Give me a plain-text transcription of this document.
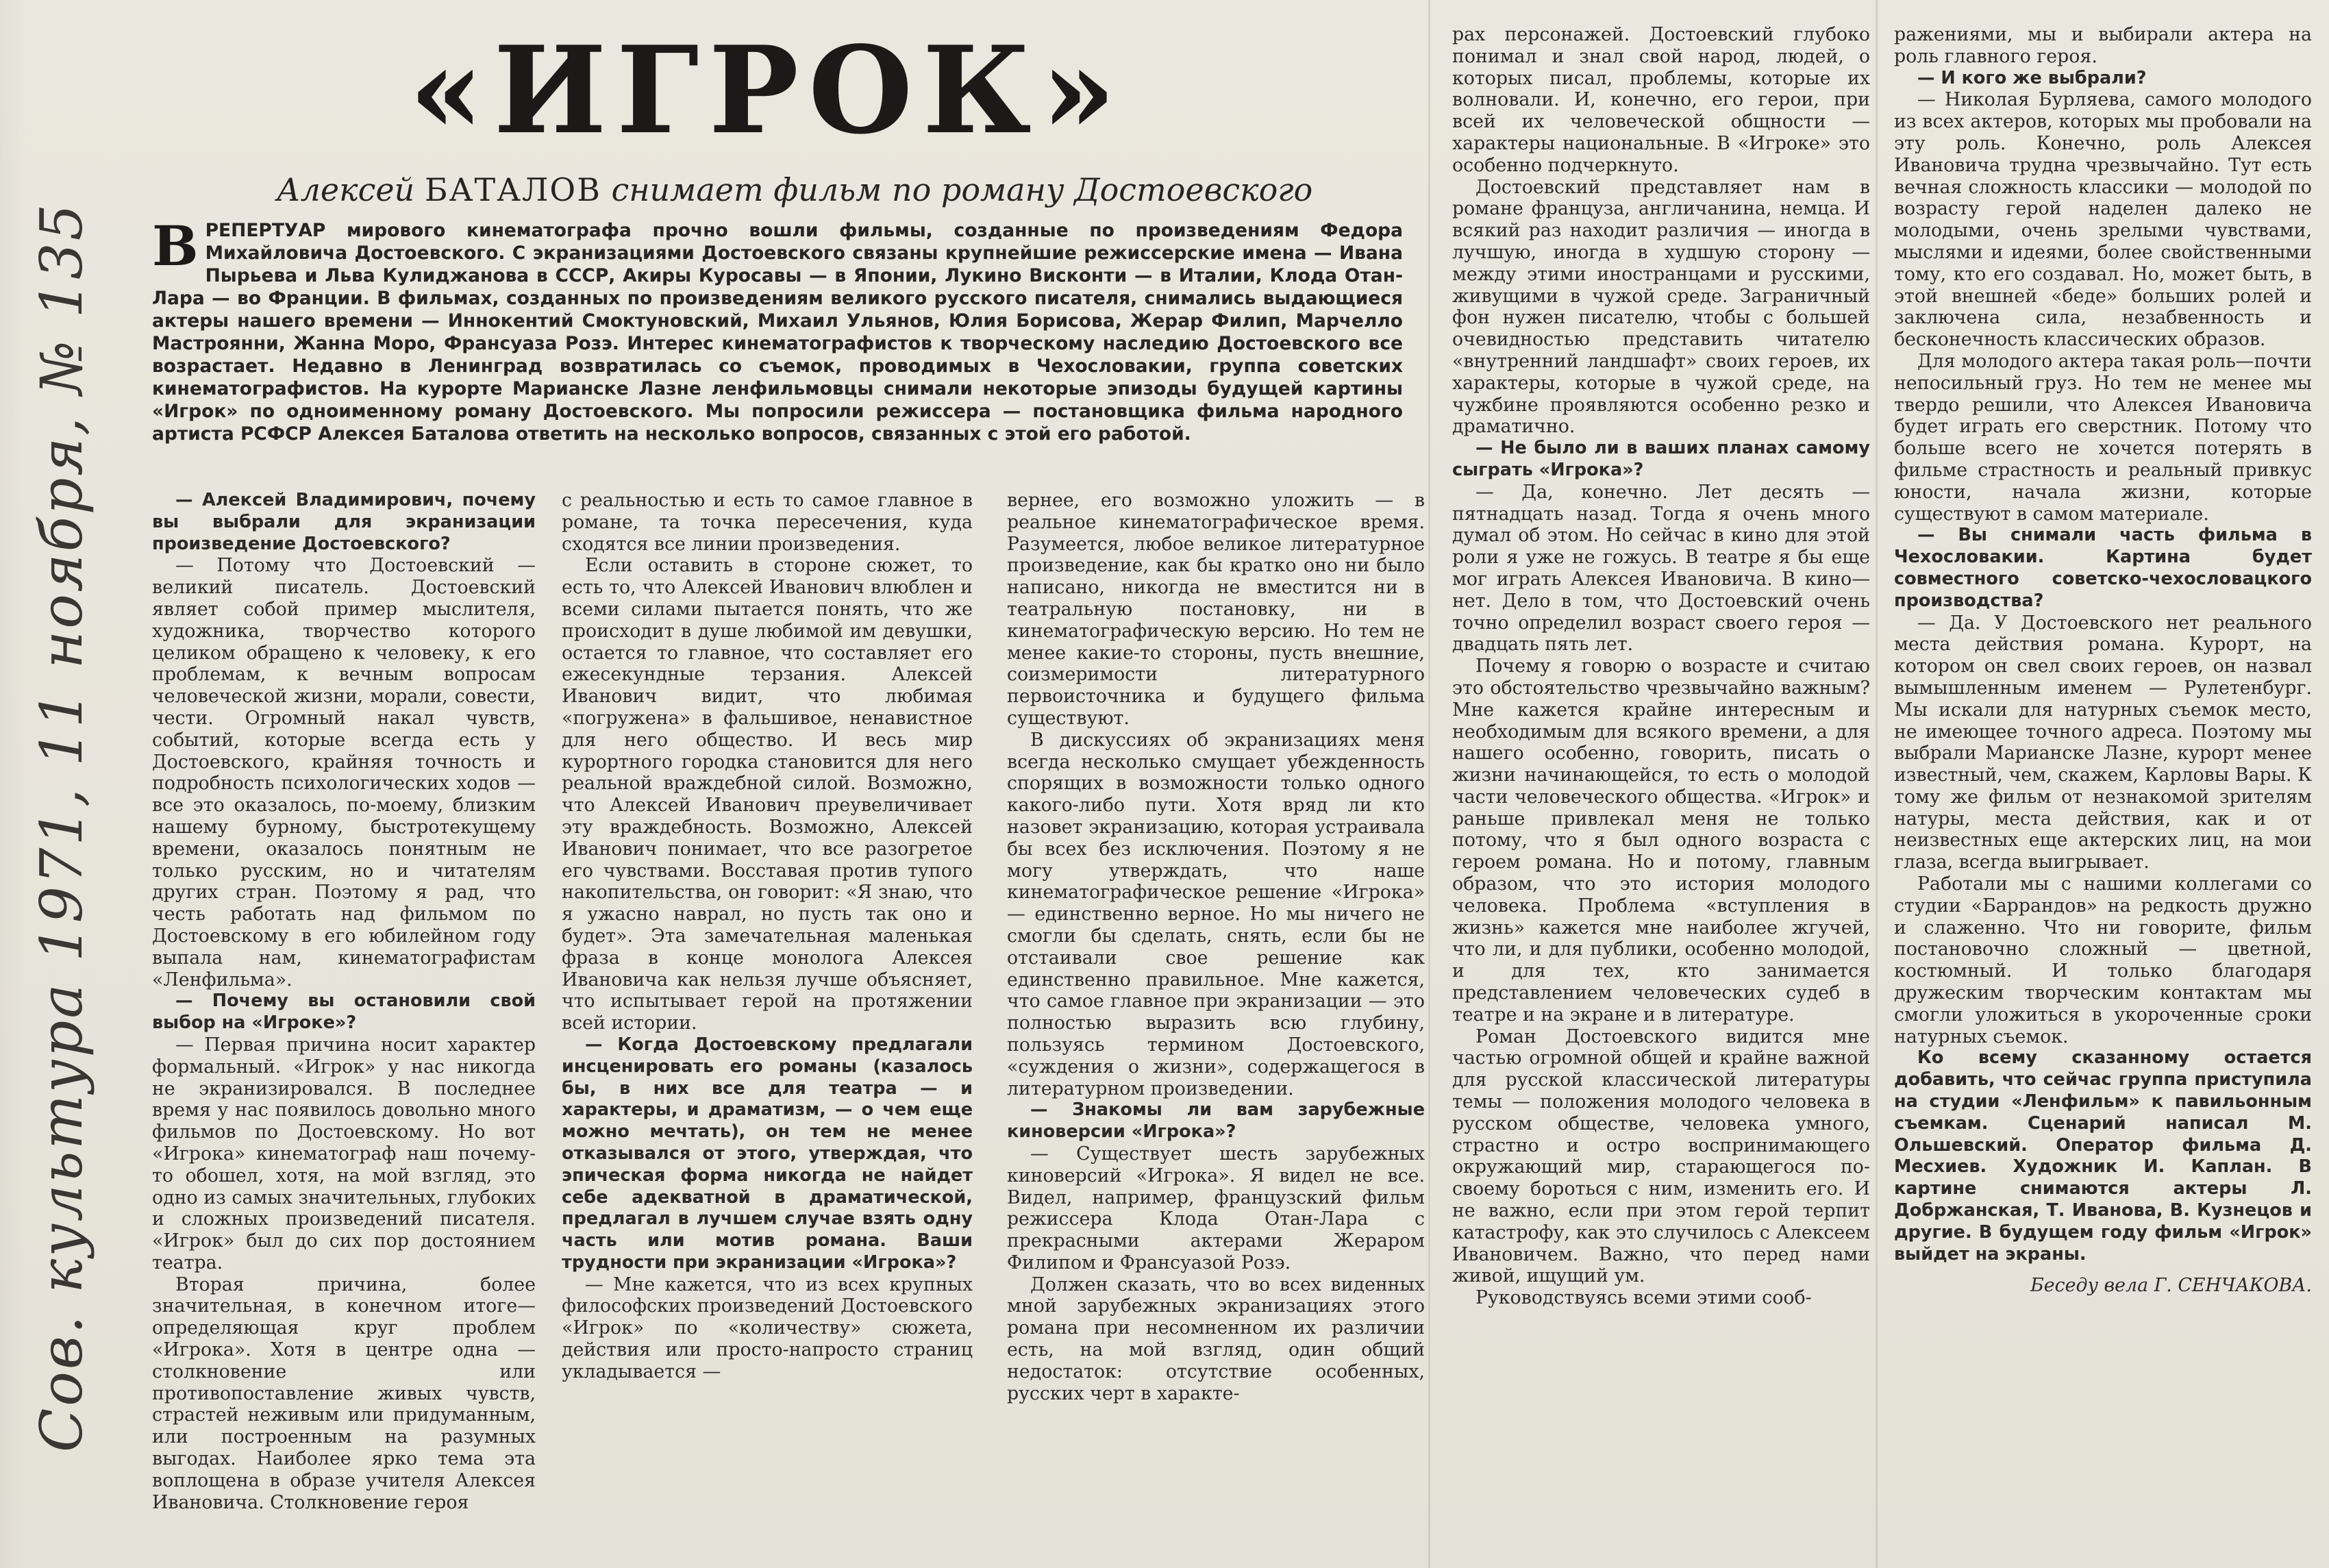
Сов. культура 1971, 11 ноября, № 135
«ИГРОК»
Алексей БАТАЛОВ снимает фильм по роману Достоевского
ВРЕПЕРТУАР мирового кинематографа прочно вошли фильмы, созданные по произведениям Федора Михайловича Достоевского. С экранизациями Достоевского связаны крупнейшие режиссерские имена — Ивана Пырьева и Льва Кулиджанова в СССР, Акиры Куросавы — в Японии, Лукино Висконти — в Италии, Клода Отан-Лара — во Франции. В фильмах, созданных по произведениям великого русского писателя, снимались выдающиеся актеры нашего времени — Иннокентий Смоктуновский, Михаил Ульянов, Юлия Борисова, Жерар Филип, Марчелло Мастроянни, Жанна Моро, Франсуаза Розэ. Интерес кинематографистов к творческому наследию Достоевского все возрастает. Недавно в Ленинград возвратилась со съемок, проводимых в Чехословакии, группа советских кинематографистов. На курорте Марианске Лазне ленфильмовцы снимали некоторые эпизоды будущей картины «Игрок» по одноименному роману Достоевского. Мы попросили режиссера — постановщика фильма народного артиста РСФСР Алексея Баталова ответить на несколько вопросов, связанных с этой его работой.

— Алексей Владимирович, почему вы выбрали для экранизации произведение Достоевского?

— Потому что Достоевский — великий писатель. Достоевский являет собой пример мыслителя, художника, творчество которого целиком обращено к человеку, к его проблемам, к вечным вопросам человеческой жизни, морали, совести, чести. Огромный накал чувств, событий, которые всегда есть у Достоевского, крайняя точность и подробность психологических ходов — все это оказалось, по-моему, близким нашему бурному, быстротекущему времени, оказалось понятным не только русским, но и читателям других стран. Поэтому я рад, что честь работать над фильмом по Достоевскому в его юбилейном году выпала нам, кинематографистам «Ленфильма».

— Почему вы остановили свой выбор на «Игроке»?

— Первая причина носит характер формальный. «Игрок» у нас никогда не экранизировался. В последнее время у нас появилось довольно много фильмов по Достоевскому. Но вот «Игрока» кинематограф наш почему-то обошел, хотя, на мой взгляд, это одно из самых значительных, глубоких и сложных произведений писателя. «Игрок» был до сих пор достоянием театра.

Вторая причина, более значительная, в конечном итоге—определяющая круг проблем «Игрока». Хотя в центре одна — столкновение или противопоставление живых чувств, страстей неживым или придуманным, или построенным на разумных выгодах. Наиболее ярко тема эта воплощена в образе учителя Алексея Ивановича. Столкновение героя

с реальностью и есть то самое главное в романе, та точка пересечения, куда сходятся все линии произведения.

Если оставить в стороне сюжет, то есть то, что Алексей Иванович влюблен и всеми силами пытается понять, что же происходит в душе любимой им девушки, остается то главное, что составляет его ежесекундные терзания. Алексей Иванович видит, что любимая «погружена» в фальшивое, ненавистное для него общество. И весь мир курортного городка становится для него реальной враждебной силой. Возможно, что Алексей Иванович преувеличивает эту враждебность. Возможно, Алексей Иванович понимает, что все разогретое его чувствами. Восставая против тупого накопительства, он говорит: «Я знаю, что я ужасно наврал, но пусть так оно и будет». Эта замечательная маленькая фраза в конце монолога Алексея Ивановича как нельзя лучше объясняет, что испытывает герой на протяжении всей истории.

— Когда Достоевскому предлагали инсценировать его романы (казалось бы, в них все для театра — и характеры, и драматизм, — о чем еще можно мечтать), он тем не менее отказывался от этого, утверждая, что эпическая форма никогда не найдет себе адекватной в драматической, предлагал в лучшем случае взять одну часть или мотив романа. Ваши трудности при экранизации «Игрока»?

— Мне кажется, что из всех крупных философских произведений Достоевского «Игрок» по «количеству» сюжета, действия или просто-напросто страниц укладывается —

вернее, его возможно уложить — в реальное кинематографическое время. Разумеется, любое великое литературное произведение, как бы кратко оно ни было написано, никогда не вместится ни в театральную постановку, ни в кинематографическую версию. Но тем не менее какие-то стороны, пусть внешние, соизмеримости литературного первоисточника и будущего фильма существуют.

В дискуссиях об экранизациях меня всегда несколько смущает убежденность спорящих в возможности только одного какого-либо пути. Хотя вряд ли кто назовет экранизацию, которая устраивала бы всех без исключения. Поэтому я не могу утверждать, что наше кинематографическое решение «Игрока» — единственно верное. Но мы ничего не смогли бы сделать, снять, если бы не отстаивали свое решение как единственно правильное. Мне кажется, что самое главное при экранизации — это полностью выразить всю глубину, пользуясь термином Достоевского, «суждения о жизни», содержащегося в литературном произведении.

— Знакомы ли вам зарубежные киноверсии «Игрока»?

— Существует шесть зарубежных киноверсий «Игрока». Я видел не все. Видел, например, французский фильм режиссера Клода Отан-Лара с прекрасными актерами Жераром Филипом и Франсуазой Розэ.

Должен сказать, что во всех виденных мной зарубежных экранизациях этого романа при несомненном их различии есть, на мой взгляд, один общий недостаток: отсутствие особенных, русских черт в характе-

рах персонажей. Достоевский глубоко понимал и знал свой народ, людей, о которых писал, проблемы, которые их волновали. И, конечно, его герои, при всей их человеческой общности — характеры национальные. В «Игроке» это особенно подчеркнуто.

Достоевский представляет нам в романе француза, англичанина, немца. И всякий раз находит различия — иногда в лучшую, иногда в худшую сторону — между этими иностранцами и русскими, живущими в чужой среде. Заграничный фон нужен писателю, чтобы с большей очевидностью представить читателю «внутренний ландшафт» своих героев, их характеры, которые в чужой среде, на чужбине проявляются особенно резко и драматично.

— Не было ли в ваших планах самому сыграть «Игрока»?

— Да, конечно. Лет десять — пятнадцать назад. Тогда я очень много думал об этом. Но сейчас в кино для этой роли я уже не гожусь. В театре я бы еще мог играть Алексея Ивановича. В кино—нет. Дело в том, что Достоевский очень точно определил возраст своего героя — двадцать пять лет.

Почему я говорю о возрасте и считаю это обстоятельство чрезвычайно важным? Мне кажется крайне интересным и необходимым для всякого времени, а для нашего особенно, говорить, писать о жизни начинающейся, то есть о молодой части человеческого общества. «Игрок» и раньше привлекал меня не только потому, что я был одного возраста с героем романа. Но и потому, главным образом, что это история молодого человека. Проблема «вступления в жизнь» кажется мне наиболее жгучей, что ли, и для публики, особенно молодой, и для тех, кто занимается представлением человеческих судеб в театре и на экране и в литературе.

Роман Достоевского видится мне частью огромной общей и крайне важной для русской классической литературы темы — положения молодого человека в русском обществе, человека умного, страстно и остро воспринимающего окружающий мир, старающегося по-своему бороться с ним, изменить его. И не важно, если при этом герой терпит катастрофу, как это случилось с Алексеем Ивановичем. Важно, что перед нами живой, ищущий ум.

Руководствуясь всеми этими сооб-

ражениями, мы и выбирали актера на роль главного героя.

— И кого же выбрали?

— Николая Бурляева, самого молодого из всех актеров, которых мы пробовали на эту роль. Конечно, роль Алексея Ивановича трудна чрезвычайно. Тут есть вечная сложность классики — молодой по возрасту герой наделен далеко не молодыми, очень зрелыми чувствами, мыслями и идеями, более свойственными тому, кто его создавал. Но, может быть, в этой внешней «беде» больших ролей и заключена сила, незабвенность и бесконечность классических образов.

Для молодого актера такая роль—почти непосильный груз. Но тем не менее мы твердо решили, что Алексея Ивановича будет играть его сверстник. Потому что больше всего не хочется потерять в фильме страстность и реальный привкус юности, начала жизни, которые существуют в самом материале.

— Вы снимали часть фильма в Чехословакии. Картина будет совместного советско-чехословацкого производства?

— Да. У Достоевского нет реального места действия романа. Курорт, на котором он свел своих героев, он назвал вымышленным именем — Рулетенбург. Мы искали для натурных съемок место, не имеющее точного адреса. Поэтому мы выбрали Марианске Лазне, курорт менее известный, чем, скажем, Карловы Вары. К тому же фильм от незнакомой зрителям натуры, места действия, как и от неизвестных еще актерских лиц, на мои глаза, всегда выигрывает.

Работали мы с нашими коллегами со студии «Баррандов» на редкость дружно и слаженно. Что ни говорите, фильм постановочно сложный — цветной, костюмный. И только благодаря дружеским творческим контактам мы смогли уложиться в укороченные сроки натурных съемок.

Ко всему сказанному остается добавить, что сейчас группа приступила на студии «Ленфильм» к павильонным съемкам. Сценарий написал М. Ольшевский. Оператор фильма Д. Месхиев. Художник И. Каплан. В картине снимаются актеры Л. Добржанская, Т. Иванова, В. Кузнецов и другие. В будущем году фильм «Игрок» выйдет на экраны.

Беседу вела Г. СЕНЧАКОВА.
